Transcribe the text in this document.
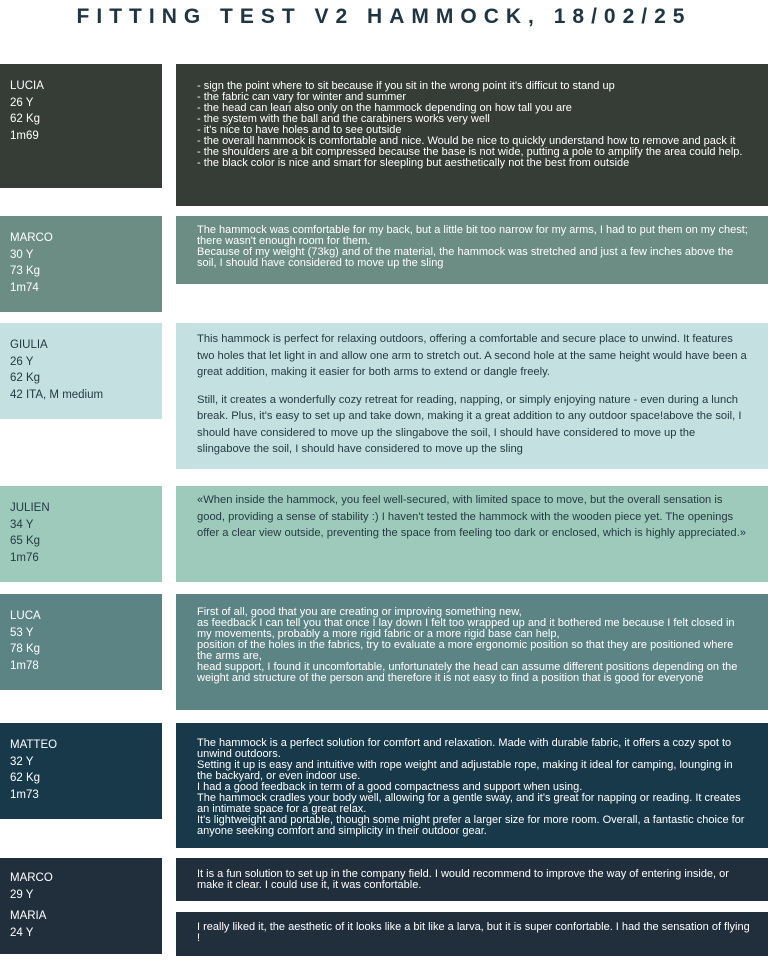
FITTING TEST V2 HAMMOCK, 18/02/25
LUCIA
26 Y
62 Kg
1m69
- sign the point where to sit because if you sit in the wrong point it's difficut to stand up
- the fabric can vary for winter and summer
- the head can lean also only on the hammock depending on how tall you are
- the system with the ball and the carabiners works very well
- it's nice to have holes and to see outside
- the overall hammock is comfortable and nice. Would be nice to quickly understand how to remove and pack it
- the shoulders are a bit compressed because the base is not wide, putting a pole to amplify the area could help.
- the black color is nice and smart for sleepling but aesthetically not the best from outside
MARCO
30 Y
73 Kg
1m74
The hammock was comfortable for my back, but a little bit too narrow for my arms, I had to put them on my chest; there wasn't enough room for them.
Because of my weight (73kg) and of the material, the hammock was stretched and just a few inches above the soil, I should have considered to move up the sling
GIULIA
26 Y
62 Kg
42 ITA, M medium
This hammock is perfect for relaxing outdoors, offering a comfortable and secure place to unwind. It features two holes that let light in and allow one arm to stretch out. A second hole at the same height would have been a great addition, making it easier for both arms to extend or dangle freely.
Still, it creates a wonderfully cozy retreat for reading, napping, or simply enjoying nature - even during a lunch break. Plus, it's easy to set up and take down, making it a great addition to any outdoor space!above the soil, I should have considered to move up the slingabove the soil, I should have considered to move up the slingabove the soil, I should have considered to move up the sling
JULIEN
34 Y
65 Kg
1m76
«When inside the hammock, you feel well-secured, with limited space to move, but the overall sensation is good, providing a sense of stability :) I haven't tested the hammock with the wooden piece yet. The openings offer a clear view outside, preventing the space from feeling too dark or enclosed, which is highly appreciated.»
LUCA
53 Y
78 Kg
1m78
First of all, good that you are creating or improving something new,
as feedback I can tell you that once I lay down I felt too wrapped up and it bothered me because I felt closed in my movements, probably a more rigid fabric or a more rigid base can help,
position of the holes in the fabrics, try to evaluate a more ergonomic position so that they are positioned where the arms are,
head support, I found it uncomfortable, unfortunately the head can assume different positions depending on the weight and structure of the person and therefore it is not easy to find a position that is good for everyone
MATTEO
32 Y
62 Kg
1m73
The hammock is a perfect solution for comfort and relaxation. Made with durable fabric, it offers a cozy spot to unwind outdoors.
Setting it up is easy and intuitive with rope weight and adjustable rope, making it ideal for camping, lounging in the backyard, or even indoor use.
I had a good feedback in term of a good compactness and support when using.
The hammock cradles your body well, allowing for a gentle sway, and it's great for napping or reading. It creates an intimate space for a great relax.
It's lightweight and portable, though some might prefer a larger size for more room. Overall, a fantastic choice for anyone seeking comfort and simplicity in their outdoor gear.
MARCO
29 Y
MARIA
24 Y
It is a fun solution to set up in the company field. I would recommend to improve the way of entering inside, or make it clear. I could use it, it was confortable.
I really liked it, the aesthetic of it looks like a bit like a larva, but it is super confortable. I had the sensation of flying !
